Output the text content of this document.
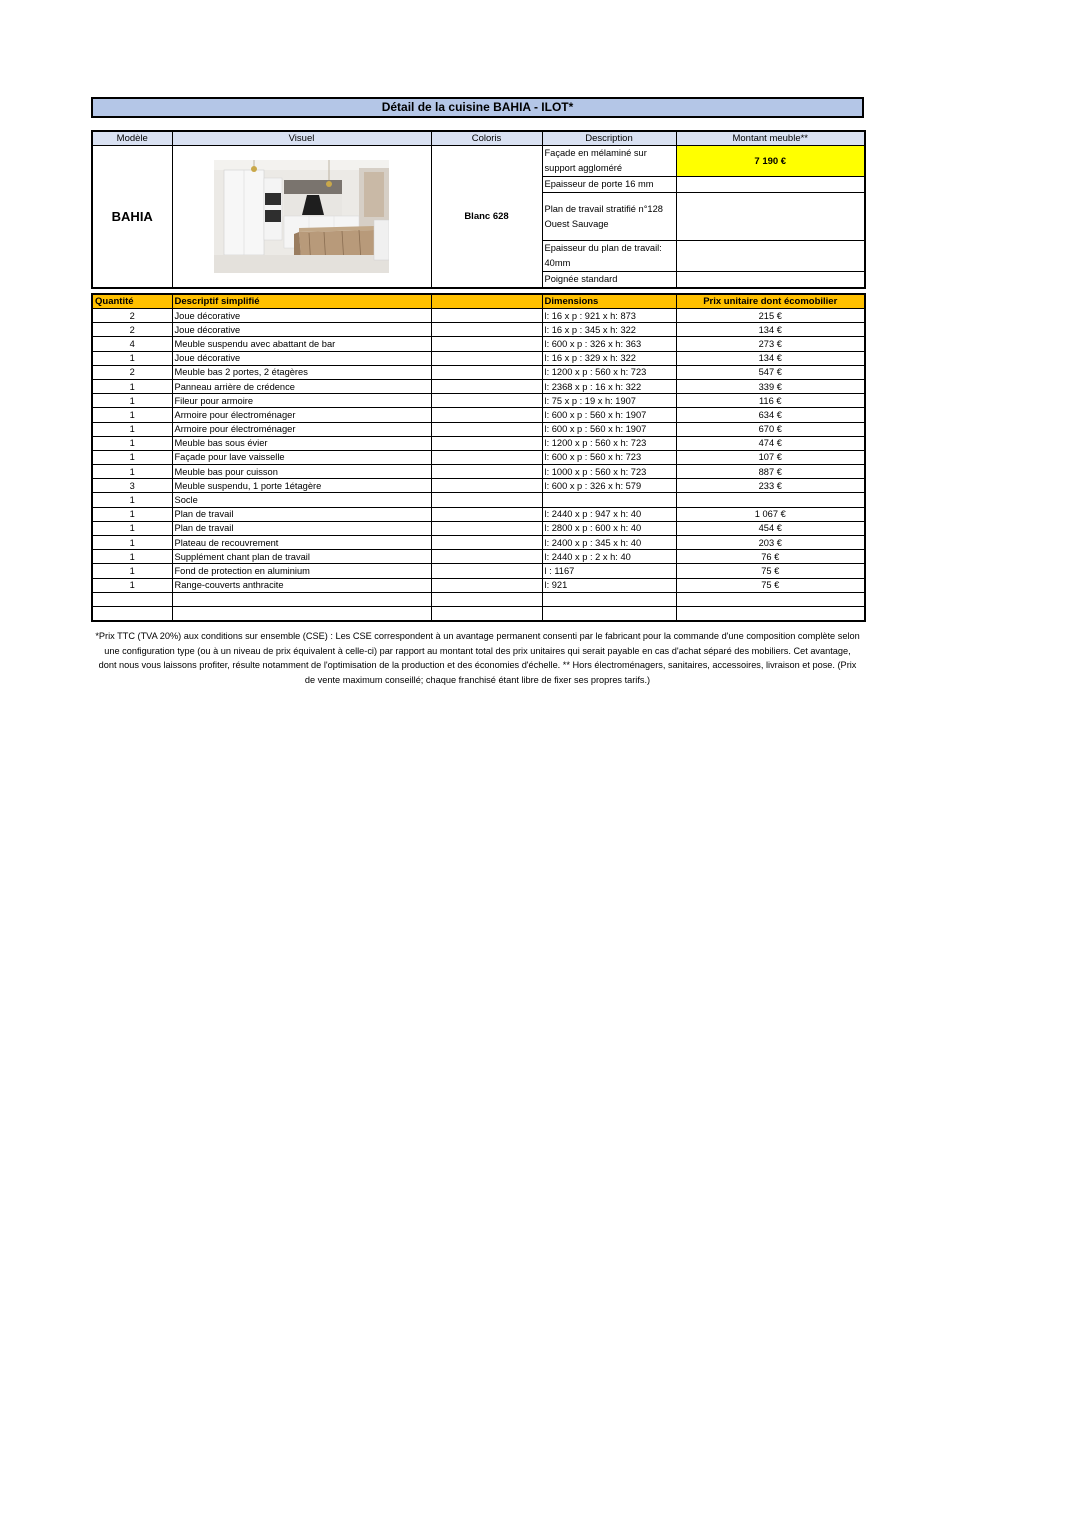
Détail de la cuisine BAHIA - ILOT*
Modèle	Visuel	Coloris	Description	Montant meuble**
BAHIA		Blanc 628	Façade en mélaminé sur support aggloméré	7 190 €
			Epaisseur de porte 16 mm	
			Plan de travail stratifié n°128 Ouest Sauvage	
			Epaisseur du plan de travail: 40mm	
			Poignée standard	
Quantité	Descriptif simplifié		Dimensions	Prix unitaire dont écomobilier
2	Joue décorative		l: 16 x p : 921 x h: 873	215 €
2	Joue décorative		l: 16 x p : 345 x h: 322	134 €
4	Meuble suspendu avec abattant de bar		l: 600 x p : 326 x h: 363	273 €
1	Joue décorative		l: 16 x p : 329 x h: 322	134 €
2	Meuble bas 2 portes, 2 étagères		l: 1200 x p : 560 x h: 723	547 €
1	Panneau arrière de crédence		l: 2368 x p : 16 x h: 322	339 €
1	Fileur pour armoire		l: 75 x p : 19 x h: 1907	116 €
1	Armoire pour électroménager		l: 600 x p : 560 x h: 1907	634 €
1	Armoire pour électroménager		l: 600 x p : 560 x h: 1907	670 €
1	Meuble bas sous évier		l: 1200 x p : 560 x h: 723	474 €
1	Façade pour lave vaisselle		l: 600 x p : 560 x h: 723	107 €
1	Meuble bas pour cuisson		l: 1000 x p : 560 x h: 723	887 €
3	Meuble suspendu, 1 porte 1étagère		l: 600 x p : 326 x h: 579	233 €
1	Socle			
1	Plan de travail		l: 2440 x p : 947 x h: 40	1 067 €
1	Plan de travail		l: 2800 x p : 600 x h: 40	454 €
1	Plateau de recouvrement		l: 2400 x p : 345 x h: 40	203 €
1	Supplément chant plan de travail		l: 2440 x p : 2 x h: 40	76 €
1	Fond de protection en aluminium		l : 1167	75 €
1	Range-couverts anthracite		l: 921	75 €

*Prix TTC (TVA 20%) aux conditions sur ensemble (CSE) : Les CSE correspondent à un avantage permanent consenti par le fabricant pour la commande d'une composition complète selon une configuration type (ou à un niveau de prix équivalent à celle-ci) par rapport au montant total des prix unitaires qui serait payable en cas d'achat séparé des mobiliers. Cet avantage, dont nous vous laissons profiter, résulte notamment de l'optimisation de la production et des économies d'échelle. ** Hors électroménagers, sanitaires, accessoires, livraison et pose. (Prix de vente maximum conseillé; chaque franchisé étant libre de fixer ses propres tarifs.)
